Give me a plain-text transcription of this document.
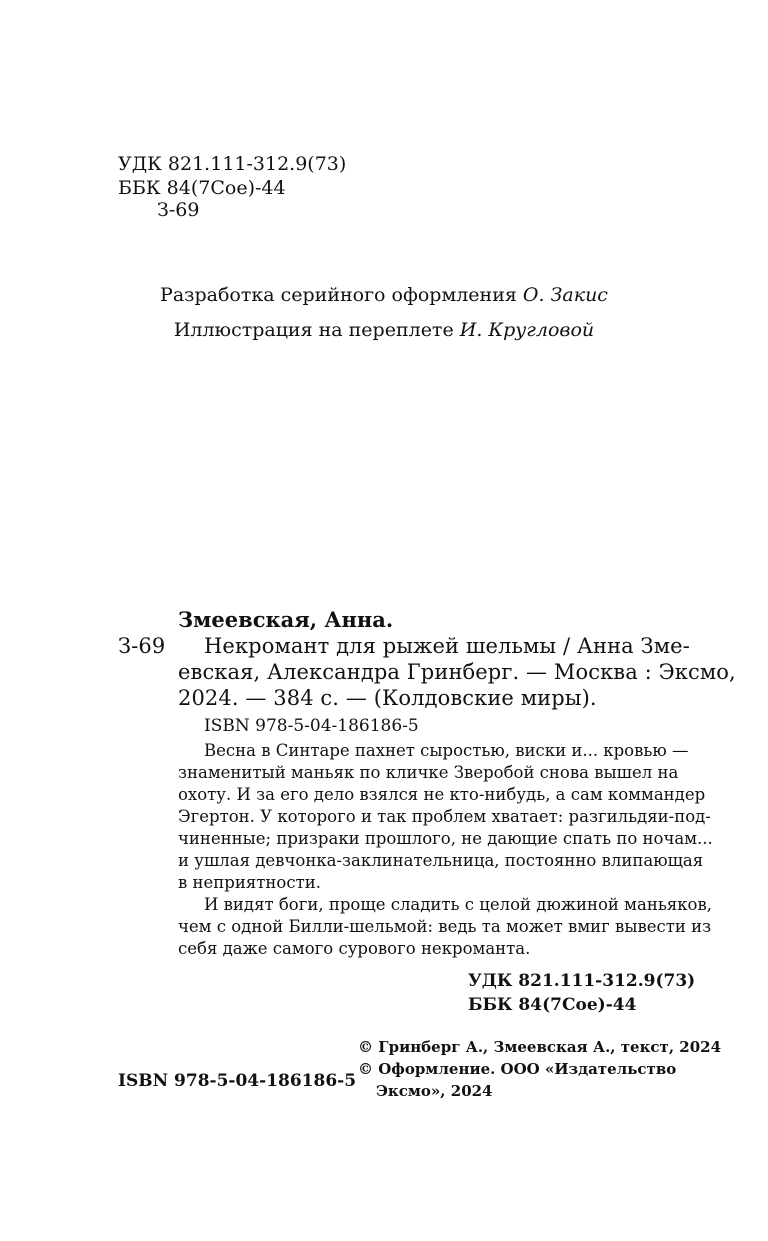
УДК 821.111-312.9(73)
ББК 84(7Сое)-44
З-69
Разработка серийного оформления О. Закис
Иллюстрация на переплете И. Кругловой
Змеевская, Анна.
З-69 Некромант для рыжей шельмы / Анна Зме-
евская, Александра Гринберг. — Москва : Эксмо,
2024. — 384 с. — (Колдовские миры).
ISBN 978-5-04-186186-5
Весна в Синтаре пахнет сыростью, виски и... кровью —
знаменитый маньяк по кличке Зверобой снова вышел на
охоту. И за его дело взялся не кто-нибудь, а сам коммандер
Эгертон. У которого и так проблем хватает: разгильдяи-под-
чиненные; призраки прошлого, не дающие спать по ночам...
и ушлая девчонка-заклинательница, постоянно влипающая
в неприятности.
И видят боги, проще сладить с целой дюжиной маньяков,
чем с одной Билли-шельмой: ведь та может вмиг вывести из
себя даже самого сурового некроманта.
УДК 821.111-312.9(73)
ББК 84(7Сое)-44
© Гринберг А., Змеевская А., текст, 2024
© Оформление. ООО «Издательство
Эксмо», 2024
ISBN 978-5-04-186186-5
